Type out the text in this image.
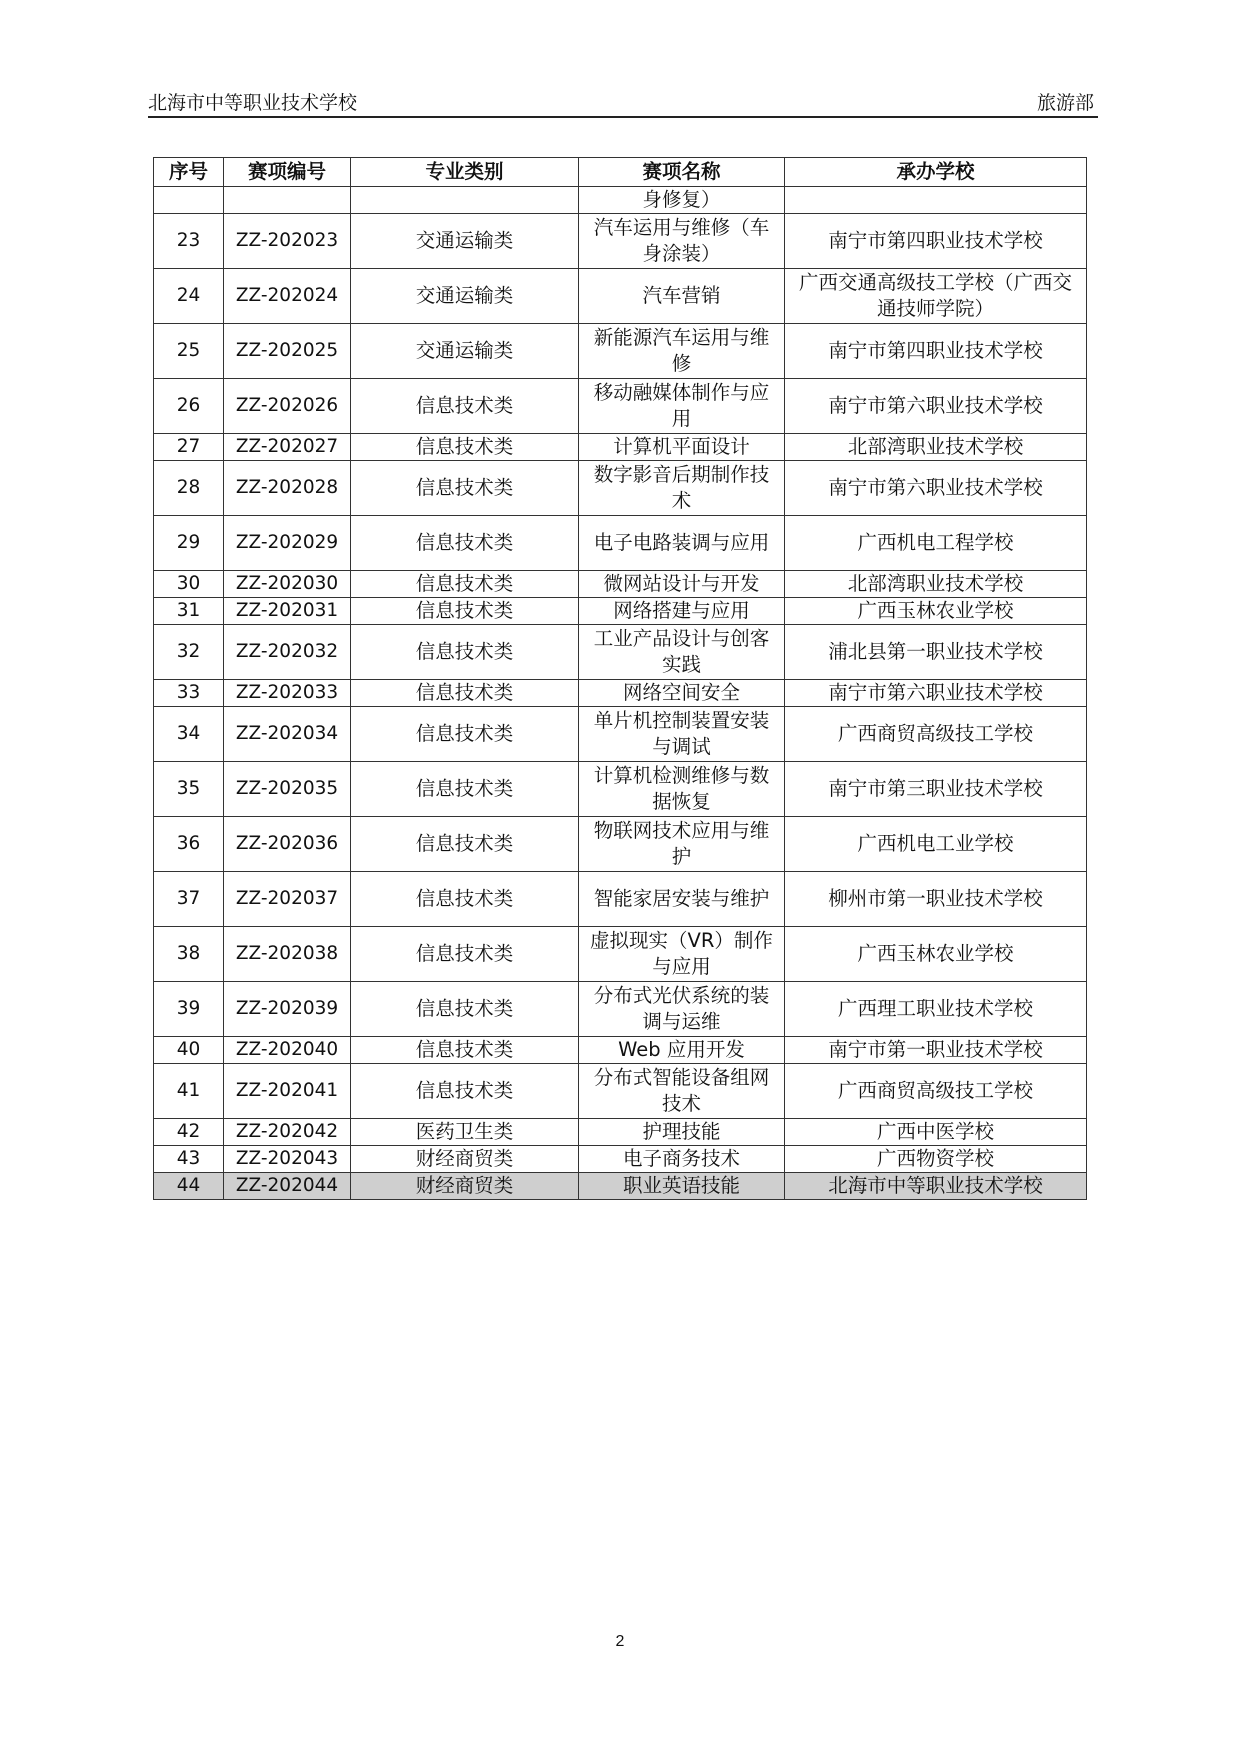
北海市中等职业技术学校	旅游部
序号	赛项编号	专业类别	赛项名称	承办学校
			身修复）	
23	ZZ-202023	交通运输类	汽车运用与维修（车身涂装）	南宁市第四职业技术学校
24	ZZ-202024	交通运输类	汽车营销	广西交通高级技工学校（广西交通技师学院）
25	ZZ-202025	交通运输类	新能源汽车运用与维修	南宁市第四职业技术学校
26	ZZ-202026	信息技术类	移动融媒体制作与应用	南宁市第六职业技术学校
27	ZZ-202027	信息技术类	计算机平面设计	北部湾职业技术学校
28	ZZ-202028	信息技术类	数字影音后期制作技术	南宁市第六职业技术学校
29	ZZ-202029	信息技术类	电子电路装调与应用	广西机电工程学校
30	ZZ-202030	信息技术类	微网站设计与开发	北部湾职业技术学校
31	ZZ-202031	信息技术类	网络搭建与应用	广西玉林农业学校
32	ZZ-202032	信息技术类	工业产品设计与创客实践	浦北县第一职业技术学校
33	ZZ-202033	信息技术类	网络空间安全	南宁市第六职业技术学校
34	ZZ-202034	信息技术类	单片机控制装置安装与调试	广西商贸高级技工学校
35	ZZ-202035	信息技术类	计算机检测维修与数据恢复	南宁市第三职业技术学校
36	ZZ-202036	信息技术类	物联网技术应用与维护	广西机电工业学校
37	ZZ-202037	信息技术类	智能家居安装与维护	柳州市第一职业技术学校
38	ZZ-202038	信息技术类	虚拟现实（VR）制作与应用	广西玉林农业学校
39	ZZ-202039	信息技术类	分布式光伏系统的装调与运维	广西理工职业技术学校
40	ZZ-202040	信息技术类	Web 应用开发	南宁市第一职业技术学校
41	ZZ-202041	信息技术类	分布式智能设备组网技术	广西商贸高级技工学校
42	ZZ-202042	医药卫生类	护理技能	广西中医学校
43	ZZ-202043	财经商贸类	电子商务技术	广西物资学校
44	ZZ-202044	财经商贸类	职业英语技能	北海市中等职业技术学校
2
